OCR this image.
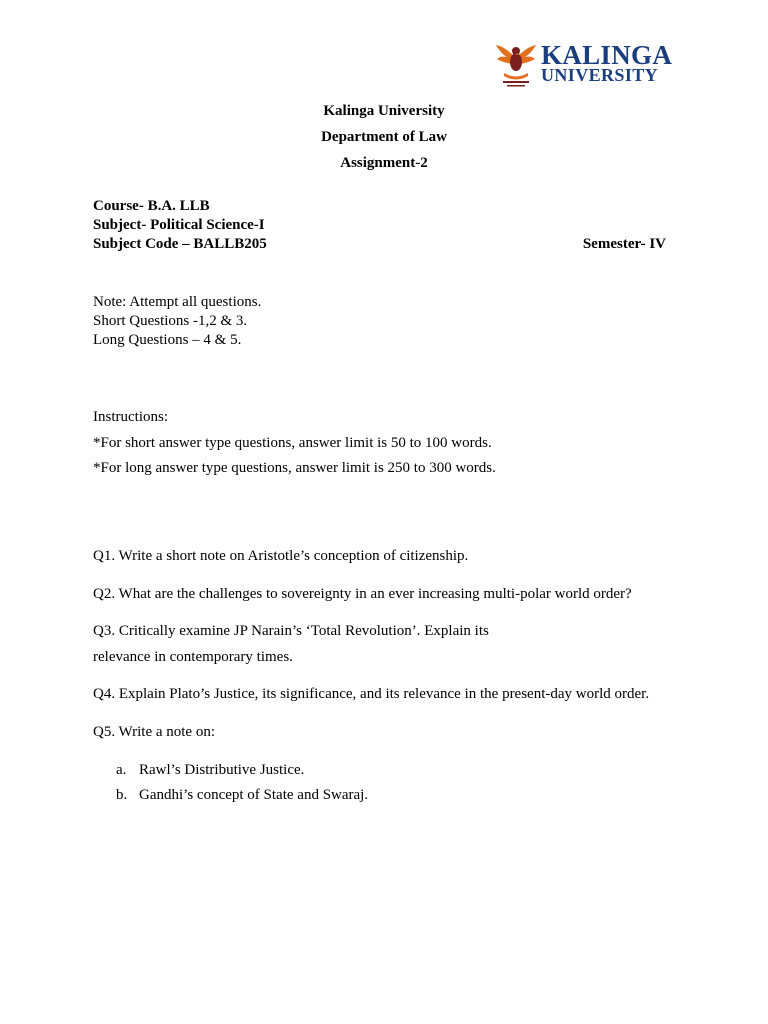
KALINGA
UNIVERSITY
Kalinga University
Department of Law
Assignment-2
Course- B.A. LLB
Subject- Political Science-I
Subject Code – BALLB205	Semester- IV
Note: Attempt all questions.
Short Questions -1,2 & 3.
Long Questions – 4 & 5.
Instructions:
*For short answer type questions, answer limit is 50 to 100 words.
*For long answer type questions, answer limit is 250 to 300 words.
Q1. Write a short note on Aristotle’s conception of citizenship.
Q2. What are the challenges to sovereignty in an ever increasing multi-polar world order?
Q3. Critically examine JP Narain’s ‘Total Revolution’. Explain its
relevance in contemporary times.
Q4. Explain Plato’s Justice, its significance, and its relevance in the present-day world order.
Q5. Write a note on:
a. Rawl’s Distributive Justice.
b. Gandhi’s concept of State and Swaraj.
